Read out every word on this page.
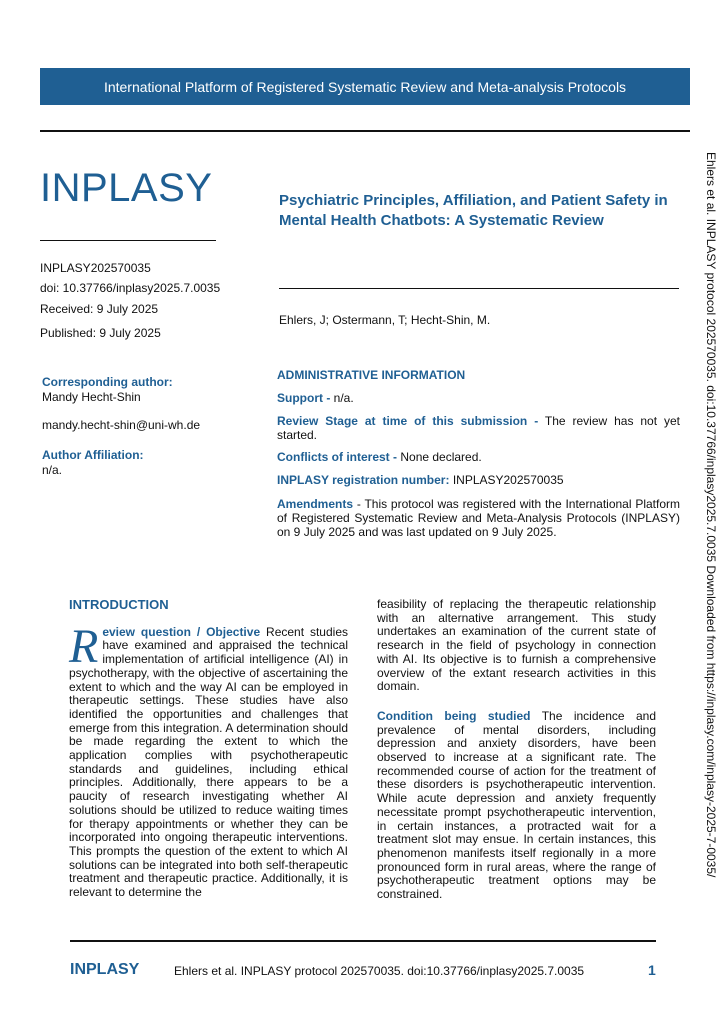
International Platform of Registered Systematic Review and Meta-analysis Protocols
INPLASY
INPLASY202570035
doi: 10.37766/inplasy2025.7.0035
Received: 9 July 2025
Published: 9 July 2025
Psychiatric Principles, Affiliation, and Patient Safety in Mental Health Chatbots: A Systematic Review
Ehlers, J; Ostermann, T; Hecht-Shin, M.
Corresponding author:
Mandy Hecht-Shin
mandy.hecht-shin@uni-wh.de
Author Affiliation:
n/a.
ADMINISTRATIVE INFORMATION

Support - n/a.

Review Stage at time of this submission - The review has not yet started.

Conflicts of interest - None declared.

INPLASY registration number: INPLASY202570035

Amendments - This protocol was registered with the International Platform of Registered Systematic Review and Meta-Analysis Protocols (INPLASY) on 9 July 2025 and was last updated on 9 July 2025.	Ehlers et al. INPLASY protocol 202570035. doi:10.37766/inplasy2025.7.0035 Downloaded from https://inplasy.com/inplasy-2025-7-0035/
INTRODUCTION

Review question / Objective Recent studies have examined and appraised the technical implementation of artificial intelligence (AI) in psychotherapy, with the objective of ascertaining the extent to which and the way AI can be employed in therapeutic settings. These studies have also identified the opportunities and challenges that emerge from this integration. A determination should be made regarding the extent to which the application complies with psychotherapeutic standards and guidelines, including ethical principles. Additionally, there appears to be a paucity of research investigating whether AI solutions should be utilized to reduce waiting times for therapy appointments or whether they can be incorporated into ongoing therapeutic interventions. This prompts the question of the extent to which AI solutions can be integrated into both self-therapeutic treatment and therapeutic practice. Additionally, it is relevant to determine the

feasibility of replacing the therapeutic relationship with an alternative arrangement. This study undertakes an examination of the current state of research in the field of psychology in connection with AI. Its objective is to furnish a comprehensive overview of the extant research activities in this domain.

Condition being studied The incidence and prevalence of mental disorders, including depression and anxiety disorders, have been observed to increase at a significant rate. The recommended course of action for the treatment of these disorders is psychotherapeutic intervention. While acute depression and anxiety frequently necessitate prompt psychotherapeutic intervention, in certain instances, a protracted wait for a treatment slot may ensue. In certain instances, this phenomenon manifests itself regionally in a more pronounced form in rural areas, where the range of psychotherapeutic treatment options may be constrained.

INPLASY	Ehlers et al. INPLASY protocol 202570035. doi:10.37766/inplasy2025.7.0035	1
